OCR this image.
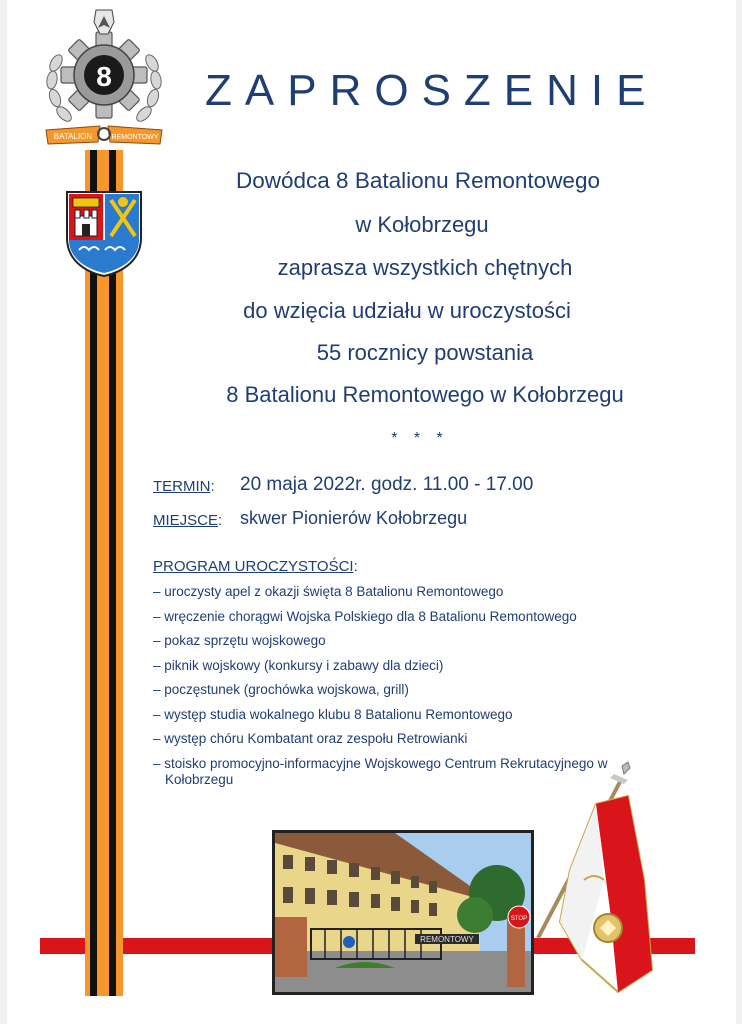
8
BATALION	REMONTOWY
ZAPROSZENIE
Dowódca 8 Batalionu Remontowego
w Kołobrzegu
zaprasza wszystkich chętnych
do wzięcia udziału w uroczystości
55 rocznicy powstania
8 Batalionu Remontowego w Kołobrzegu
* * *
TERMIN: 20 maja 2022r. godz. 11.00 - 17.00
MIEJSCE: skwer Pionierów Kołobrzegu
PROGRAM UROCZYSTOŚCI:
– uroczysty apel z okazji święta 8 Batalionu Remontowego
– wręczenie chorągwi Wojska Polskiego dla 8 Batalionu Remontowego
– pokaz sprzętu wojskowego
– piknik wojskowy (konkursy i zabawy dla dzieci)
– poczęstunek (grochówka wojskowa, grill)
– występ studia wokalnego klubu 8 Batalionu Remontowego
– występ chóru Kombatant oraz zespołu Retrowianki
– stoisko promocyjno-informacyjne Wojskowego Centrum Rekrutacyjnego w Kołobrzegu
REMONTOWY
STOP
